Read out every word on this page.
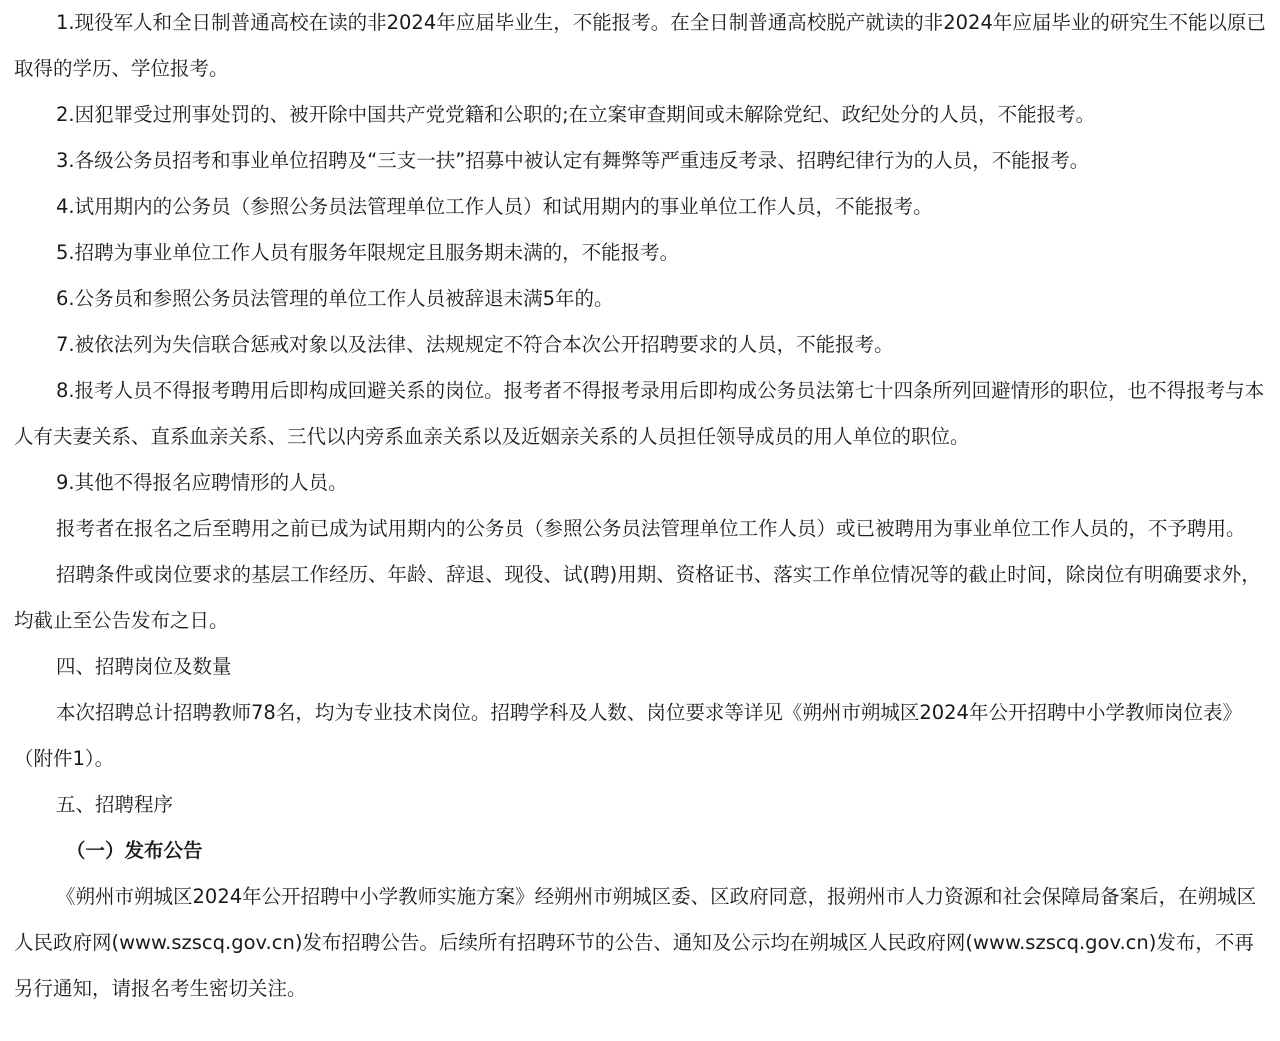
1.现役军人和全日制普通高校在读的非2024年应届毕业生，不能报考。在全日制普通高校脱产就读的非2024年应届毕业的研究生不能以原已取得的学历、学位报考。

2.因犯罪受过刑事处罚的、被开除中国共产党党籍和公职的;在立案审查期间或未解除党纪、政纪处分的人员，不能报考。

3.各级公务员招考和事业单位招聘及“三支一扶”招募中被认定有舞弊等严重违反考录、招聘纪律行为的人员，不能报考。

4.试用期内的公务员（参照公务员法管理单位工作人员）和试用期内的事业单位工作人员，不能报考。

5.招聘为事业单位工作人员有服务年限规定且服务期未满的，不能报考。

6.公务员和参照公务员法管理的单位工作人员被辞退未满5年的。

7.被依法列为失信联合惩戒对象以及法律、法规规定不符合本次公开招聘要求的人员，不能报考。

8.报考人员不得报考聘用后即构成回避关系的岗位。报考者不得报考录用后即构成公务员法第七十四条所列回避情形的职位，也不得报考与本人有夫妻关系、直系血亲关系、三代以内旁系血亲关系以及近姻亲关系的人员担任领导成员的用人单位的职位。

9.其他不得报名应聘情形的人员。

报考者在报名之后至聘用之前已成为试用期内的公务员（参照公务员法管理单位工作人员）或已被聘用为事业单位工作人员的，不予聘用。

招聘条件或岗位要求的基层工作经历、年龄、辞退、现役、试(聘)用期、资格证书、落实工作单位情况等的截止时间，除岗位有明确要求外，均截止至公告发布之日。

四、招聘岗位及数量

本次招聘总计招聘教师78名，均为专业技术岗位。招聘学科及人数、岗位要求等详见《朔州市朔城区2024年公开招聘中小学教师岗位表》（附件1）。

五、招聘程序

（一）发布公告

《朔州市朔城区2024年公开招聘中小学教师实施方案》经朔州市朔城区委、区政府同意，报朔州市人力资源和社会保障局备案后，在朔城区人民政府网(www.szscq.gov.cn)发布招聘公告。后续所有招聘环节的公告、通知及公示均在朔城区人民政府网(www.szscq.gov.cn)发布，不再另行通知，请报名考生密切关注。
